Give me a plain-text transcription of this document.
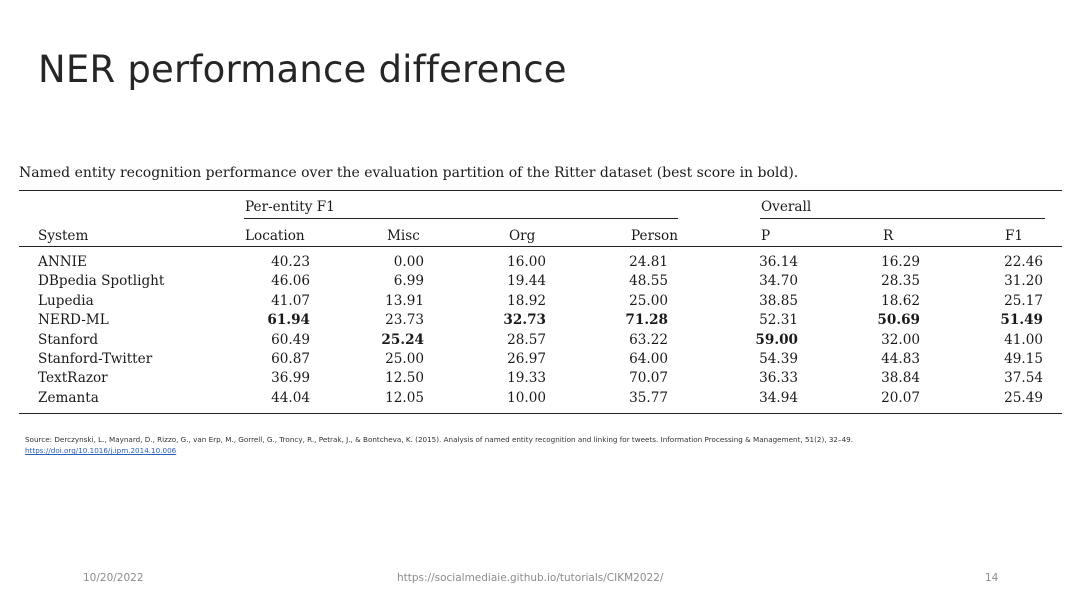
NER performance difference
Named entity recognition performance over the evaluation partition of the Ritter dataset (best score in bold).
Per-entity F1	Overall
System	Location	Misc	Org	Person	P	R	F1
ANNIE	40.23	0.00	16.00	24.81	36.14	16.29	22.46
DBpedia Spotlight	46.06	6.99	19.44	48.55	34.70	28.35	31.20
Lupedia	41.07	13.91	18.92	25.00	38.85	18.62	25.17
NERD-ML	61.94	23.73	32.73	71.28	52.31	50.69	51.49
Stanford	60.49	25.24	28.57	63.22	59.00	32.00	41.00
Stanford-Twitter	60.87	25.00	26.97	64.00	54.39	44.83	49.15
TextRazor	36.99	12.50	19.33	70.07	36.33	38.84	37.54
Zemanta	44.04	12.05	10.00	35.77	34.94	20.07	25.49
Source: Derczynski, L., Maynard, D., Rizzo, G., van Erp, M., Gorrell, G., Troncy, R., Petrak, J., & Bontcheva, K. (2015). Analysis of named entity recognition and linking for tweets. Information Processing & Management, 51(2), 32–49.
https://doi.org/10.1016/j.ipm.2014.10.006
10/20/2022	https://socialmediaie.github.io/tutorials/CIKM2022/	14
